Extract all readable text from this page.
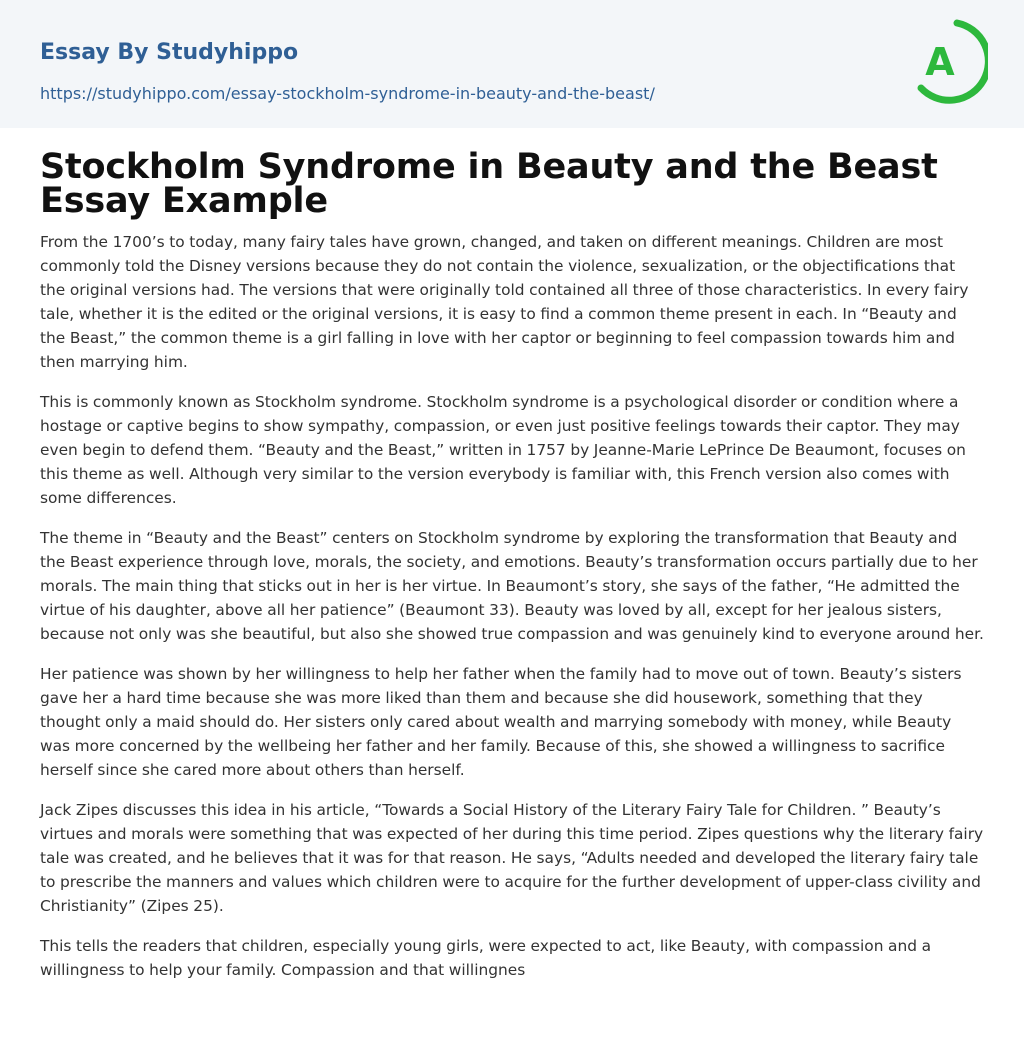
Essay By Studyhippo
https://studyhippo.com/essay-stockholm-syndrome-in-beauty-and-the-beast/
A
Stockholm Syndrome in Beauty and the Beast Essay Example

From the 1700’s to today, many fairy tales have grown, changed, and taken on different meanings. Children are most commonly told the Disney versions because they do not contain the violence, sexualization, or the objectifications that the original versions had. The versions that were originally told contained all three of those characteristics. In every fairy tale, whether it is the edited or the original versions, it is easy to find a common theme present in each. In “Beauty and the Beast,” the common theme is a girl falling in love with her captor or beginning to feel compassion towards him and then marrying him.

This is commonly known as Stockholm syndrome. Stockholm syndrome is a psychological disorder or condition where a hostage or captive begins to show sympathy, compassion, or even just positive feelings towards their captor. They may even begin to defend them. “Beauty and the Beast,” written in 1757 by Jeanne-Marie LePrince De Beaumont, focuses on this theme as well. Although very similar to the version everybody is familiar with, this French version also comes with some differences.

The theme in “Beauty and the Beast” centers on Stockholm syndrome by exploring the transformation that Beauty and the Beast experience through love, morals, the society, and emotions. Beauty’s transformation occurs partially due to her morals. The main thing that sticks out in her is her virtue. In Beaumont’s story, she says of the father, “He admitted the virtue of his daughter, above all her patience” (Beaumont 33). Beauty was loved by all, except for her jealous sisters, because not only was she beautiful, but also she showed true compassion and was genuinely kind to everyone around her.

Her patience was shown by her willingness to help her father when the family had to move out of town. Beauty’s sisters gave her a hard time because she was more liked than them and because she did housework, something that they thought only a maid should do. Her sisters only cared about wealth and marrying somebody with money, while Beauty was more concerned by the wellbeing her father and her family. Because of this, she showed a willingness to sacrifice herself since she cared more about others than herself.

Jack Zipes discusses this idea in his article, “Towards a Social History of the Literary Fairy Tale for Children. ” Beauty’s virtues and morals were something that was expected of her during this time period. Zipes questions why the literary fairy tale was created, and he believes that it was for that reason. He says, “Adults needed and developed the literary fairy tale to prescribe the manners and values which children were to acquire for the further development of upper-class civility and Christianity” (Zipes 25).

This tells the readers that children, especially young girls, were expected to act, like Beauty, with compassion and a willingness to help your family. Compassion and that willingnes
